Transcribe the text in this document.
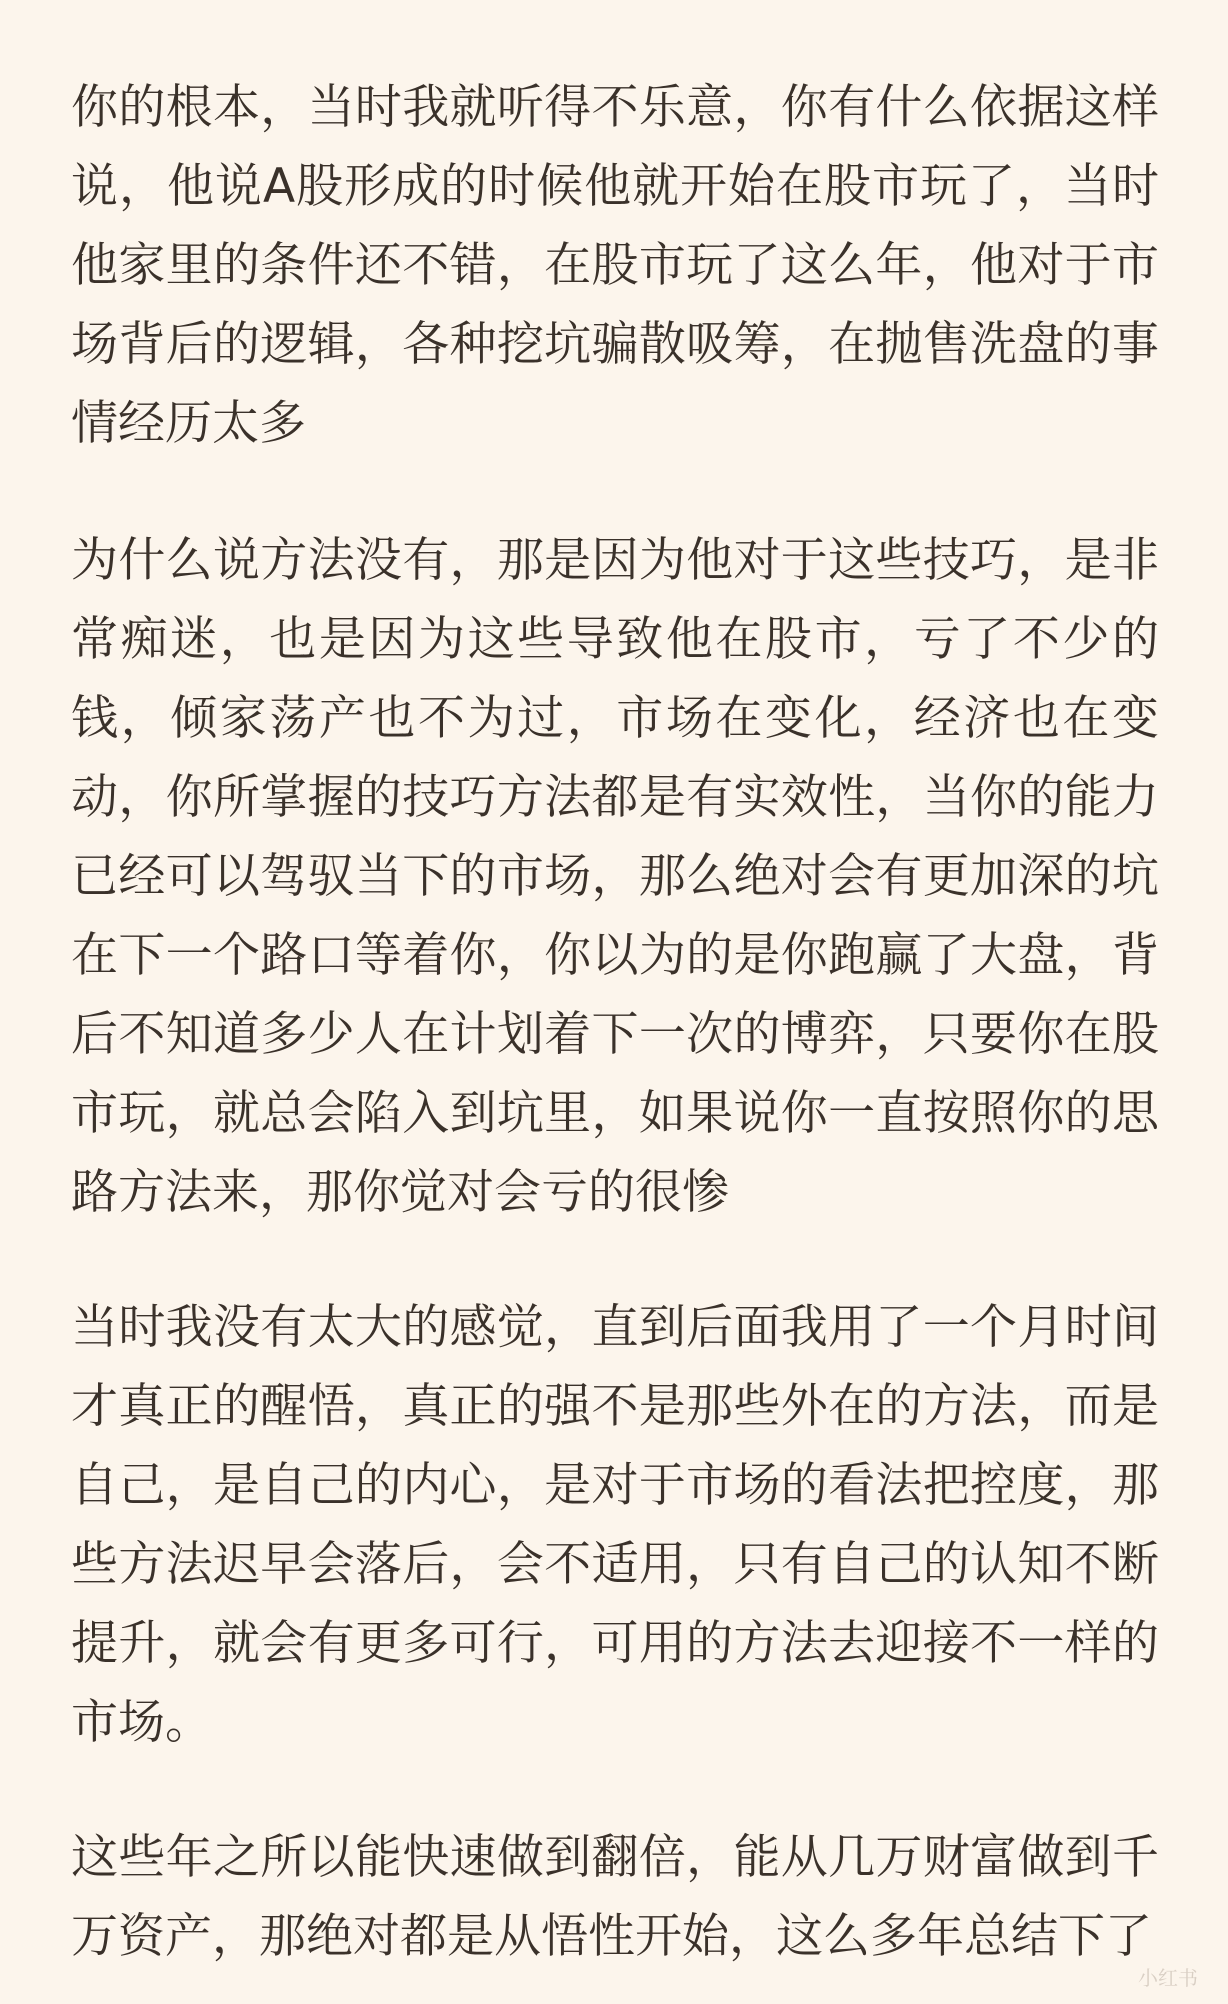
你的根本，当时我就听得不乐意，你有什么依据这样
说，他说A股形成的时候他就开始在股市玩了，当时
他家里的条件还不错，在股市玩了这么年，他对于市
场背后的逻辑，各种挖坑骗散吸筹，在抛售洗盘的事
情经历太多
为什么说方法没有，那是因为他对于这些技巧，是非
常痴迷，也是因为这些导致他在股市，亏了不少的
钱，倾家荡产也不为过，市场在变化，经济也在变
动，你所掌握的技巧方法都是有实效性，当你的能力
已经可以驾驭当下的市场，那么绝对会有更加深的坑
在下一个路口等着你，你以为的是你跑赢了大盘，背
后不知道多少人在计划着下一次的博弈，只要你在股
市玩，就总会陷入到坑里，如果说你一直按照你的思
路方法来，那你觉对会亏的很惨
当时我没有太大的感觉，直到后面我用了一个月时间
才真正的醒悟，真正的强不是那些外在的方法，而是
自己，是自己的内心，是对于市场的看法把控度，那
些方法迟早会落后，会不适用，只有自己的认知不断
提升，就会有更多可行，可用的方法去迎接不一样的
市场。
这些年之所以能快速做到翻倍，能从几万财富做到千
万资产，那绝对都是从悟性开始，这么多年总结下了
小红书
